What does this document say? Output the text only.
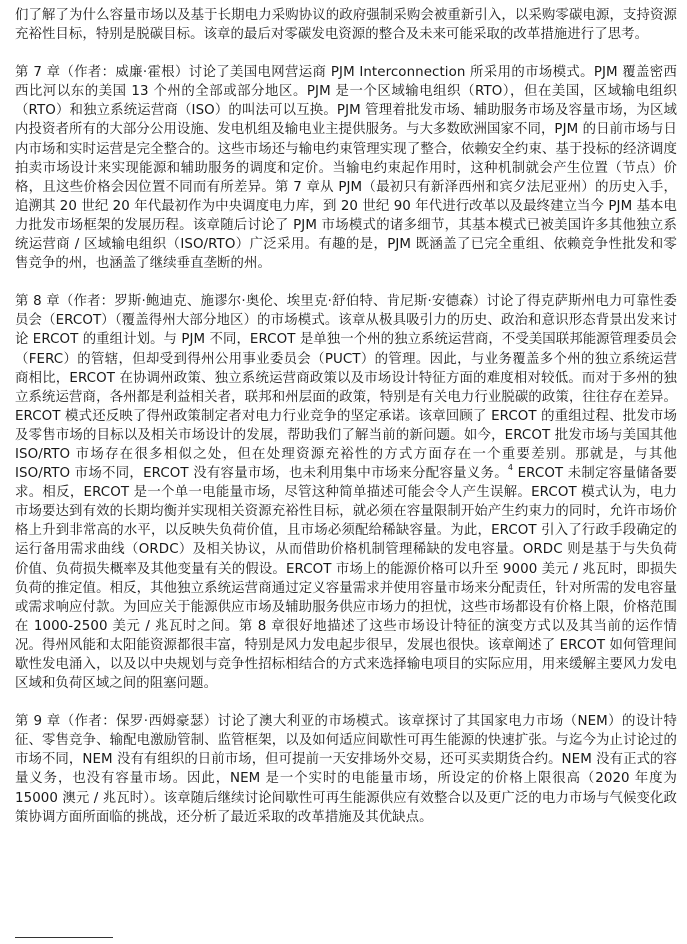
们了解了为什么容量市场以及基于长期电力采购协议的政府强制采购会被重新引入，以采购零碳电源，支持资源充裕性目标，特别是脱碳目标。该章的最后对零碳发电资源的整合及未来可能采取的改革措施进行了思考。

第 7 章（作者：威廉·霍根）讨论了美国电网营运商 PJM Interconnection 所采用的市场模式。PJM 覆盖密西西比河以东的美国 13 个州的全部或部分地区。PJM 是一个区域输电组织（RTO），但在美国，区域输电组织（RTO）和独立系统运营商（ISO）的叫法可以互换。PJM 管理着批发市场、辅助服务市场及容量市场，为区域内投资者所有的大部分公用设施、发电机组及输电业主提供服务。与大多数欧洲国家不同，PJM 的日前市场与日内市场和实时运营是完全整合的。这些市场还与输电约束管理实现了整合，依赖安全约束、基于投标的经济调度拍卖市场设计来实现能源和辅助服务的调度和定价。当输电约束起作用时，这种机制就会产生位置（节点）价格，且这些价格会因位置不同而有所差异。第 7 章从 PJM（最初只有新泽西州和宾夕法尼亚州）的历史入手，追溯其 20 世纪 20 年代最初作为中央调度电力库，到 20 世纪 90 年代进行改革以及最终建立当今 PJM 基本电力批发市场框架的发展历程。该章随后讨论了 PJM 市场模式的诸多细节，其基本模式已被美国许多其他独立系统运营商 / 区域输电组织（ISO/RTO）广泛采用。有趣的是，PJM 既涵盖了已完全重组、依赖竞争性批发和零售竞争的州，也涵盖了继续垂直垄断的州。

第 8 章（作者：罗斯·鲍迪克、施谬尔·奥伦、埃里克·舒伯特、肯尼斯·安德森）讨论了得克萨斯州电力可靠性委员会（ERCOT）（覆盖得州大部分地区）的市场模式。该章从极具吸引力的历史、政治和意识形态背景出发来讨论 ERCOT 的重组计划。与 PJM 不同，ERCOT 是单独一个州的独立系统运营商，不受美国联邦能源管理委员会（FERC）的管辖，但却受到得州公用事业委员会（PUCT）的管理。因此，与业务覆盖多个州的独立系统运营商相比，ERCOT 在协调州政策、独立系统运营商政策以及市场设计特征方面的难度相对较低。而对于多州的独立系统运营商，各州都是利益相关者，联邦和州层面的政策，特别是有关电力行业脱碳的政策，往往存在差异。ERCOT 模式还反映了得州政策制定者对电力行业竞争的坚定承诺。该章回顾了 ERCOT 的重组过程、批发市场及零售市场的目标以及相关市场设计的发展，帮助我们了解当前的新问题。如今，ERCOT 批发市场与美国其他 ISO/RTO 市场存在很多相似之处，但在处理资源充裕性的方式方面存在一个重要差别。那就是，与其他 ISO/RTO 市场不同，ERCOT 没有容量市场，也未利用集中市场来分配容量义务。$^4$ ERCOT 未制定容量储备要求。相反，ERCOT 是一个单一电能量市场，尽管这种简单描述可能会令人产生误解。ERCOT 模式认为，电力市场要达到有效的长期均衡并实现相关资源充裕性目标，就必须在容量限制开始产生约束力的同时，允许市场价格上升到非常高的水平，以反映失负荷价值，且市场必须配给稀缺容量。为此，ERCOT 引入了行政手段确定的运行备用需求曲线（ORDC）及相关协议，从而借助价格机制管理稀缺的发电容量。ORDC 则是基于与失负荷价值、负荷损失概率及其他变量有关的假设。ERCOT 市场上的能源价格可以升至 9000 美元 / 兆瓦时，即损失负荷的推定值。相反，其他独立系统运营商通过定义容量需求并使用容量市场来分配责任，针对所需的发电容量或需求响应付款。为回应关于能源供应市场及辅助服务供应市场力的担忧，这些市场都设有价格上限，价格范围在 1000-2500 美元 / 兆瓦时之间。第 8 章很好地描述了这些市场设计特征的演变方式以及其当前的运作情况。得州风能和太阳能资源都很丰富，特别是风力发电起步很早，发展也很快。该章阐述了 ERCOT 如何管理间歇性发电涌入，以及以中央规划与竞争性招标相结合的方式来选择输电项目的实际应用，用来缓解主要风力发电区域和负荷区域之间的阻塞问题。

第 9 章（作者：保罗·西姆豪瑟）讨论了澳大利亚的市场模式。该章探讨了其国家电力市场（NEM）的设计特征、零售竞争、输配电激励管制、监管框架，以及如何适应间歇性可再生能源的快速扩张。与迄今为止讨论过的市场不同，NEM 没有有组织的日前市场，但可提前一天安排场外交易，还可买卖期货合约。NEM 没有正式的容量义务，也没有容量市场。因此，NEM 是一个实时的电能量市场，所设定的价格上限很高（2020 年度为 15000 澳元 / 兆瓦时）。该章随后继续讨论间歇性可再生能源供应有效整合以及更广泛的电力市场与气候变化政策协调方面所面临的挑战，还分析了最近采取的改革措施及其优缺点。
